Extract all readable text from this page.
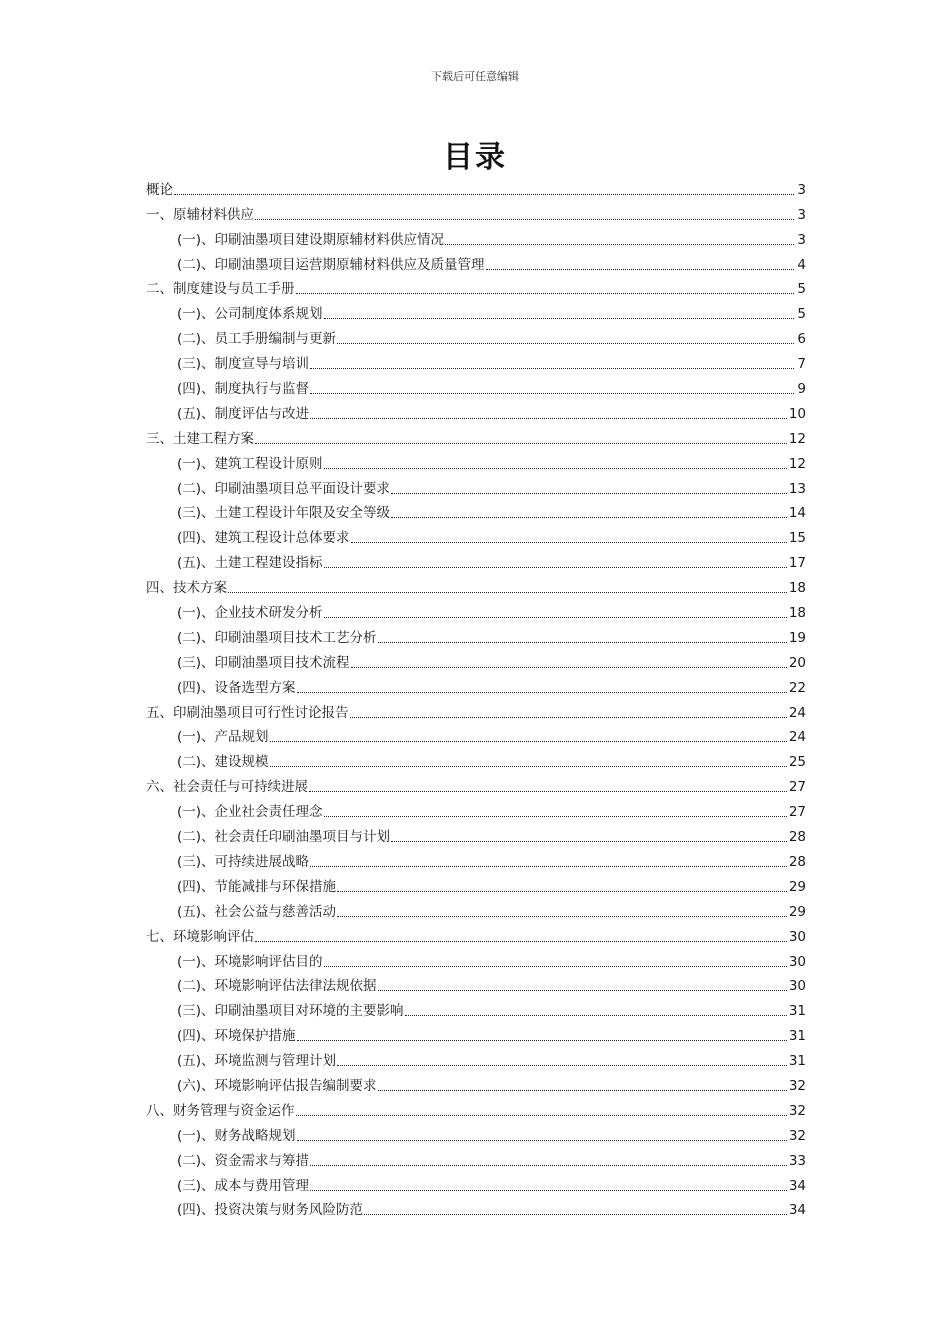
下载后可任意编辑
目录
概论	3
一、原辅材料供应	3
(一)、印刷油墨项目建设期原辅材料供应情况	3
(二)、印刷油墨项目运营期原辅材料供应及质量管理	4
二、制度建设与员工手册	5
(一)、公司制度体系规划	5
(二)、员工手册编制与更新	6
(三)、制度宣导与培训	7
(四)、制度执行与监督	9
(五)、制度评估与改进	10
三、土建工程方案	12
(一)、建筑工程设计原则	12
(二)、印刷油墨项目总平面设计要求	13
(三)、土建工程设计年限及安全等级	14
(四)、建筑工程设计总体要求	15
(五)、土建工程建设指标	17
四、技术方案	18
(一)、企业技术研发分析	18
(二)、印刷油墨项目技术工艺分析	19
(三)、印刷油墨项目技术流程	20
(四)、设备选型方案	22
五、印刷油墨项目可行性讨论报告	24
(一)、产品规划	24
(二)、建设规模	25
六、社会责任与可持续进展	27
(一)、企业社会责任理念	27
(二)、社会责任印刷油墨项目与计划	28
(三)、可持续进展战略	28
(四)、节能减排与环保措施	29
(五)、社会公益与慈善活动	29
七、环境影响评估	30
(一)、环境影响评估目的	30
(二)、环境影响评估法律法规依据	30
(三)、印刷油墨项目对环境的主要影响	31
(四)、环境保护措施	31
(五)、环境监测与管理计划	31
(六)、环境影响评估报告编制要求	32
八、财务管理与资金运作	32
(一)、财务战略规划	32
(二)、资金需求与筹措	33
(三)、成本与费用管理	34
(四)、投资决策与财务风险防范	34
